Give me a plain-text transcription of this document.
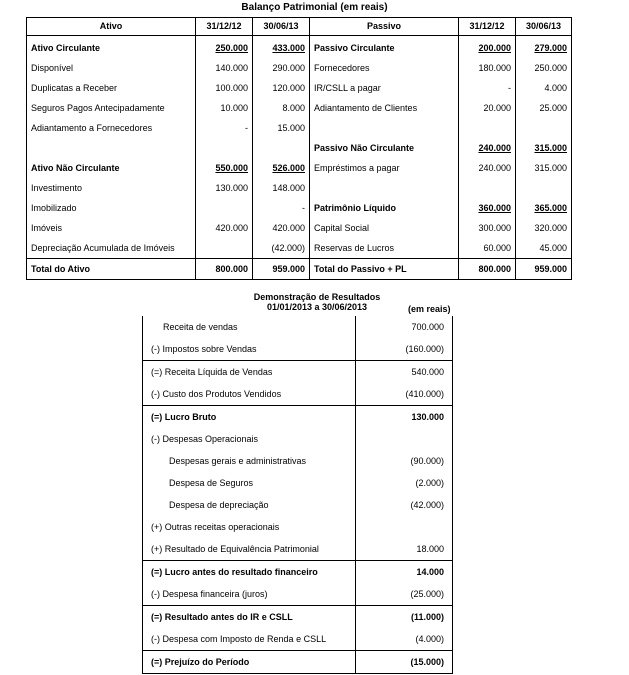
Balanço Patrimonial (em reais)
Ativo	31/12/12	30/06/13	Passivo	31/12/12	30/06/13
Ativo Circulante	250.000	433.000	Passivo Circulante	200.000	279.000
Disponível	140.000	290.000	Fornecedores	180.000	250.000
Duplicatas a Receber	100.000	120.000	IR/CSLL a pagar	-	4.000
Seguros Pagos Antecipadamente	10.000	8.000	Adiantamento de Clientes	20.000	25.000
Adiantamento a Fornecedores	-	15.000			
			Passivo Não Circulante	240.000	315.000
Ativo Não Circulante	550.000	526.000	Empréstimos a pagar	240.000	315.000
Investimento	130.000	148.000			
Imobilizado		-	Patrimônio Líquido	360.000	365.000
Imóveis	420.000	420.000	Capital Social	300.000	320.000
Depreciação Acumulada de Imóveis		(42.000)	Reservas de Lucros	60.000	45.000
Total do Ativo	800.000	959.000	Total do Passivo + PL	800.000	959.000
Demonstração de Resultados
01/01/2013 a 30/06/2013	(em reais)
Receita de vendas	700.000
(-) Impostos sobre Vendas	(160.000)
(=) Receita Líquida de Vendas	540.000
(-) Custo dos Produtos Vendidos	(410.000)
(=) Lucro Bruto	130.000
(-) Despesas Operacionais	
Despesas gerais e administrativas	(90.000)
Despesa de Seguros	(2.000)
Despesa de depreciação	(42.000)
(+) Outras receitas operacionais	
(+) Resultado de Equivalência Patrimonial	18.000
(=) Lucro antes do resultado financeiro	14.000
(-) Despesa financeira (juros)	(25.000)
(=) Resultado antes do IR e CSLL	(11.000)
(-) Despesa com Imposto de Renda e CSLL	(4.000)
(=) Prejuízo do Período	(15.000)
